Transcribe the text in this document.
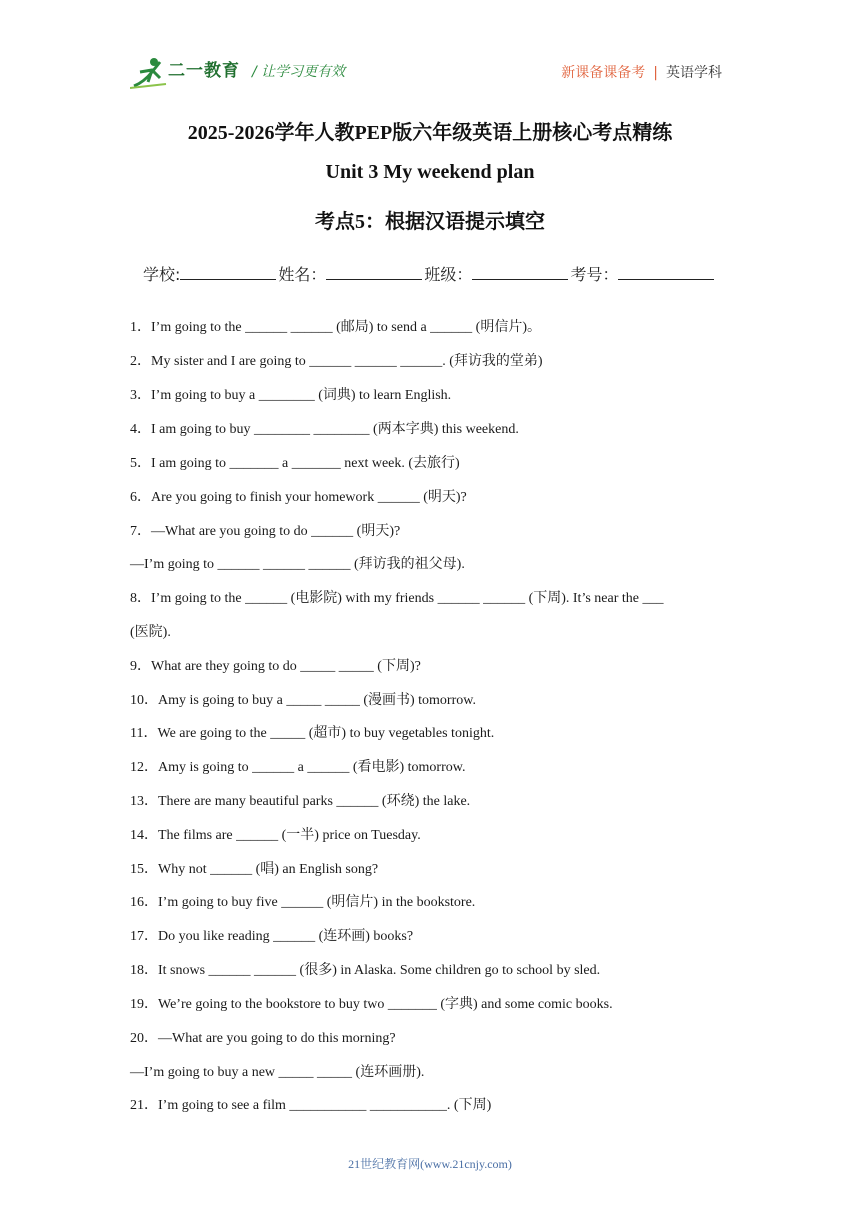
二一教育 / 让学习更有效	新课备课备考 | 英语学科
2025-2026学年人教PEP版六年级英语上册核心考点精练
Unit 3 My weekend plan
考点5：根据汉语提示填空
学校:	姓名：	班级：	考号：
1．I’m going to the ______ ______ (邮局) to send a ______ (明信片)。
2．My sister and I are going to ______ ______ ______. (拜访我的堂弟)
3．I’m going to buy a ________ (词典) to learn English.
4．I am going to buy ________ ________ (两本字典) this weekend.
5．I am going to _______ a _______ next week. (去旅行)
6．Are you going to finish your homework ______ (明天)?
7．—What are you going to do ______ (明天)?
—I’m going to ______ ______ ______ (拜访我的祖父母).
8．I’m going to the ______ (电影院) with my friends ______ ______ (下周). It’s near the ___
(医院).
9．What are they going to do _____ _____ (下周)?
10．Amy is going to buy a _____ _____ (漫画书) tomorrow.
11．We are going to the _____ (超市) to buy vegetables tonight.
12．Amy is going to ______ a ______ (看电影) tomorrow.
13．There are many beautiful parks ______ (环绕) the lake.
14．The films are ______ (一半) price on Tuesday.
15．Why not ______ (唱) an English song?
16．I’m going to buy five ______ (明信片) in the bookstore.
17．Do you like reading ______ (连环画) books?
18．It snows ______ ______ (很多) in Alaska. Some children go to school by sled.
19．We’re going to the bookstore to buy two _______ (字典) and some comic books.
20．—What are you going to do this morning?
—I’m going to buy a new _____ _____ (连环画册).
21．I’m going to see a film ___________ ___________. (下周)
21世纪教育网(www.21cnjy.com)
